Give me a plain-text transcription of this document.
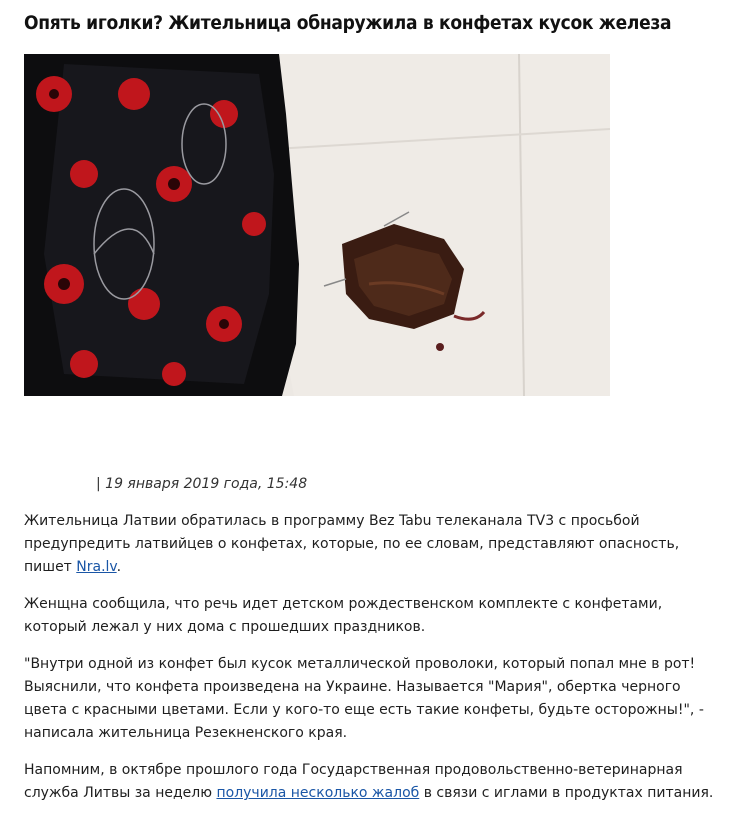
Опять иголки? Жительница обнаружила в конфетах кусок железа
| 19 января 2019 года, 15:48

Жительница Латвии обратилась в программу Bez Tabu телеканала TV3 с просьбой предупредить латвийцев о конфетах, которые, по ее словам, представляют опасность, пишет Nra.lv.

Женщна сообщила, что речь идет детском рождественском комплекте с конфетами, который лежал у них дома с прошедших праздников.

"Внутри одной из конфет был кусок металлической проволоки, который попал мне в рот! Выяснили, что конфета произведена на Украине. Называется "Мария", обертка черного цвета с красными цветами. Если у кого-то еще есть такие конфеты, будьте осторожны!", - написала жительница Резекненского края.

Напомним, в октябре прошлого года Государственная продовольственно-ветеринарная служба Литвы за неделю получила несколько жалоб в связи с иглами в продуктах питания.
